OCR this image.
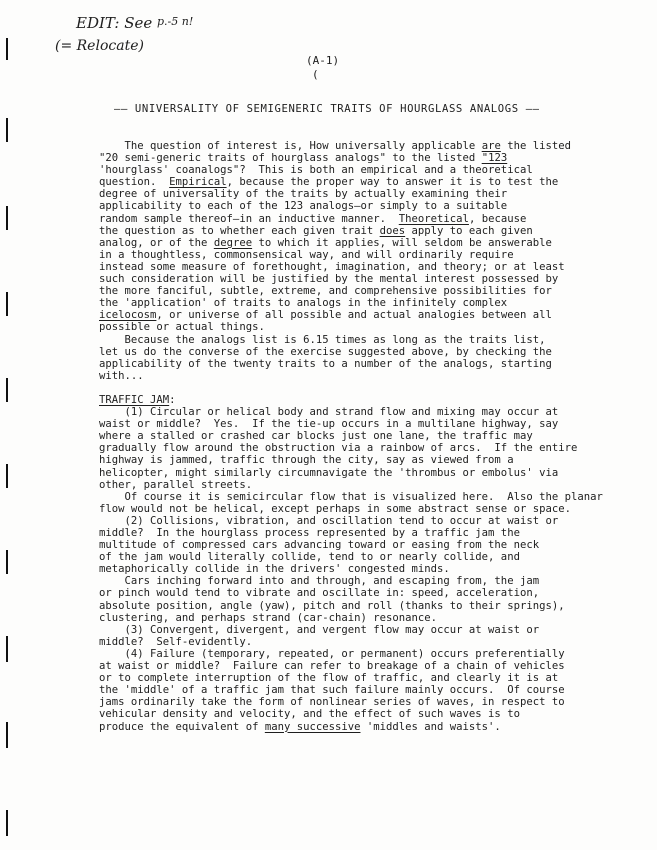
EDIT: See $^{p.-5 n!}$
(= Relocate)
(A-1)
(
—— UNIVERSALITY OF SEMIGENERIC TRAITS OF HOURGLASS ANALOGS ——
The question of interest is, How universally applicable are the listed
"20 semi-generic traits of hourglass analogs" to the listed "123
'hourglass' coanalogs"?  This is both an empirical and a theoretical
question.  Empirical, because the proper way to answer it is to test the
degree of universality of the traits by actually examining their
applicability to each of the 123 analogs—or simply to a suitable
random sample thereof—in an inductive manner.  Theoretical, because
the question as to whether each given trait does apply to each given
analog, or of the degree to which it applies, will seldom be answerable
in a thoughtless, commonsensical way, and will ordinarily require
instead some measure of forethought, imagination, and theory; or at least
such consideration will be justified by the mental interest possessed by
the more fanciful, subtle, extreme, and comprehensive possibilities for
the 'application' of traits to analogs in the infinitely complex
icelocosm, or universe of all possible and actual analogies between all
possible or actual things.
Because the analogs list is 6.15 times as long as the traits list,
let us do the converse of the exercise suggested above, by checking the
applicability of the twenty traits to a number of the analogs, starting
with...
TRAFFIC JAM:
(1) Circular or helical body and strand flow and mixing may occur at
waist or middle?  Yes.  If the tie-up occurs in a multilane highway, say
where a stalled or crashed car blocks just one lane, the traffic may
gradually flow around the obstruction via a rainbow of arcs.  If the entire
highway is jammed, traffic through the city, say as viewed from a
helicopter, might similarly circumnavigate the 'thrombus or embolus' via
other, parallel streets.
Of course it is semicircular flow that is visualized here.  Also the planar
flow would not be helical, except perhaps in some abstract sense or space.
(2) Collisions, vibration, and oscillation tend to occur at waist or
middle?  In the hourglass process represented by a traffic jam the
multitude of compressed cars advancing toward or easing from the neck
of the jam would literally collide, tend to or nearly collide, and
metaphorically collide in the drivers' congested minds.
Cars inching forward into and through, and escaping from, the jam
or pinch would tend to vibrate and oscillate in: speed, acceleration,
absolute position, angle (yaw), pitch and roll (thanks to their springs),
clustering, and perhaps strand (car-chain) resonance.
(3) Convergent, divergent, and vergent flow may occur at waist or
middle?  Self-evidently.
(4) Failure (temporary, repeated, or permanent) occurs preferentially
at waist or middle?  Failure can refer to breakage of a chain of vehicles
or to complete interruption of the flow of traffic, and clearly it is at
the 'middle' of a traffic jam that such failure mainly occurs.  Of course
jams ordinarily take the form of nonlinear series of waves, in respect to
vehicular density and velocity, and the effect of such waves is to
produce the equivalent of many successive 'middles and waists'.
